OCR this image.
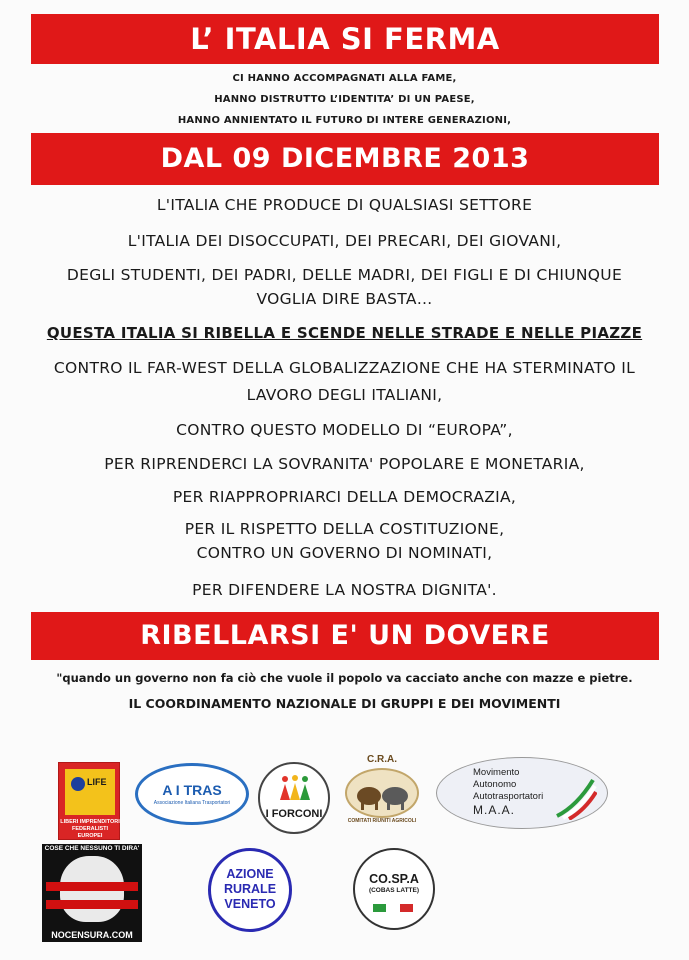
L’ ITALIA SI FERMA
CI HANNO ACCOMPAGNATI ALLA FAME,
HANNO DISTRUTTO L’IDENTITA’ DI UN PAESE,
HANNO ANNIENTATO IL FUTURO DI INTERE GENERAZIONI,
DAL 09 DICEMBRE 2013
L'ITALIA CHE PRODUCE DI QUALSIASI SETTORE
L'ITALIA DEI DISOCCUPATI, DEI PRECARI, DEI GIOVANI,
DEGLI STUDENTI, DEI PADRI, DELLE MADRI, DEI FIGLI E DI CHIUNQUE
VOGLIA DIRE BASTA…
QUESTA ITALIA SI RIBELLA E SCENDE NELLE STRADE E NELLE PIAZZE
CONTRO IL FAR-WEST DELLA GLOBALIZZAZIONE CHE HA STERMINATO IL
LAVORO DEGLI ITALIANI,
CONTRO QUESTO MODELLO DI “EUROPA”,
PER RIPRENDERCI LA SOVRANITA' POPOLARE E MONETARIA,
PER RIAPPROPRIARCI DELLA DEMOCRAZIA,
PER IL RISPETTO DELLA COSTITUZIONE,
CONTRO UN GOVERNO DI NOMINATI,
PER DIFENDERE LA NOSTRA DIGNITA'.
RIBELLARSI E' UN DOVERE
"quando un governo non fa ciò che vuole il popolo va cacciato anche con mazze e pietre.
IL COORDINAMENTO NAZIONALE DI GRUPPI E DEI MOVIMENTI
LIFE
LIBERI IMPRENDITORI
FEDERALISTI EUROPEI
A I TRAS
Associazione Italiana Trasportatori
I FORCONI
C.R.A.
COMITATI RIUNITI AGRICOLI
Movimento
Autonomo
Autotrasportatori
M.A.A.
COSE CHE NESSUNO TI DIRA'
NOCENSURA.COM
AZIONE
RURALE
VENETO
CO.SP.A
(COBAS LATTE)
